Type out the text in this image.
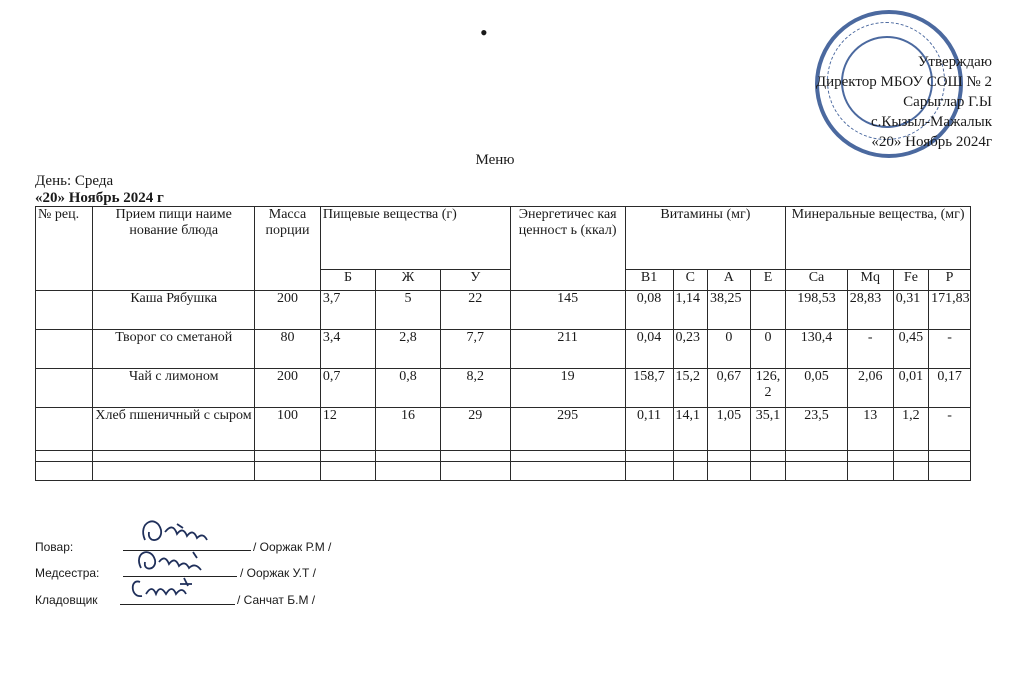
•
Утверждаю
Директор МБОУ СОШ № 2
Сарыглар Г.Ы
с.Кызыл-Мажалык
«20» Ноябрь 2024г
Меню
День: Среда
«20» Ноябрь 2024 г
№ рец.	Прием пищи наиме нование блюда	Масса порции	Пищевые вещества (г)			Энергетичес кая ценност ь (ккал)	Витамины (мг)				Минеральные вещества, (мг)			
			Б	Ж	У		В1	С	А	Е	Ca	Mq	Fe	P
	Каша Рябушка	200	3,7	5	22	145	0,08	1,14	38,25		198,53	28,83	0,31	171,83
	Творог со сметаной	80	3,4	2,8	7,7	211	0,04	0,23	0	0	130,4	-	0,45	-
	Чай с лимоном	200	0,7	0,8	8,2	19	158,7	15,2	0,67	126, 2	0,05	2,06	0,01	0,17
	Хлеб пшеничный с сыром	100	12	16	29	295	0,11	14,1	1,05	35,1	23,5	13	1,2	-

Повар:	/ Ооржак Р.М /
Медсестра:	/ Ооржак У.Т /
Кладовщик	/ Санчат Б.М /
